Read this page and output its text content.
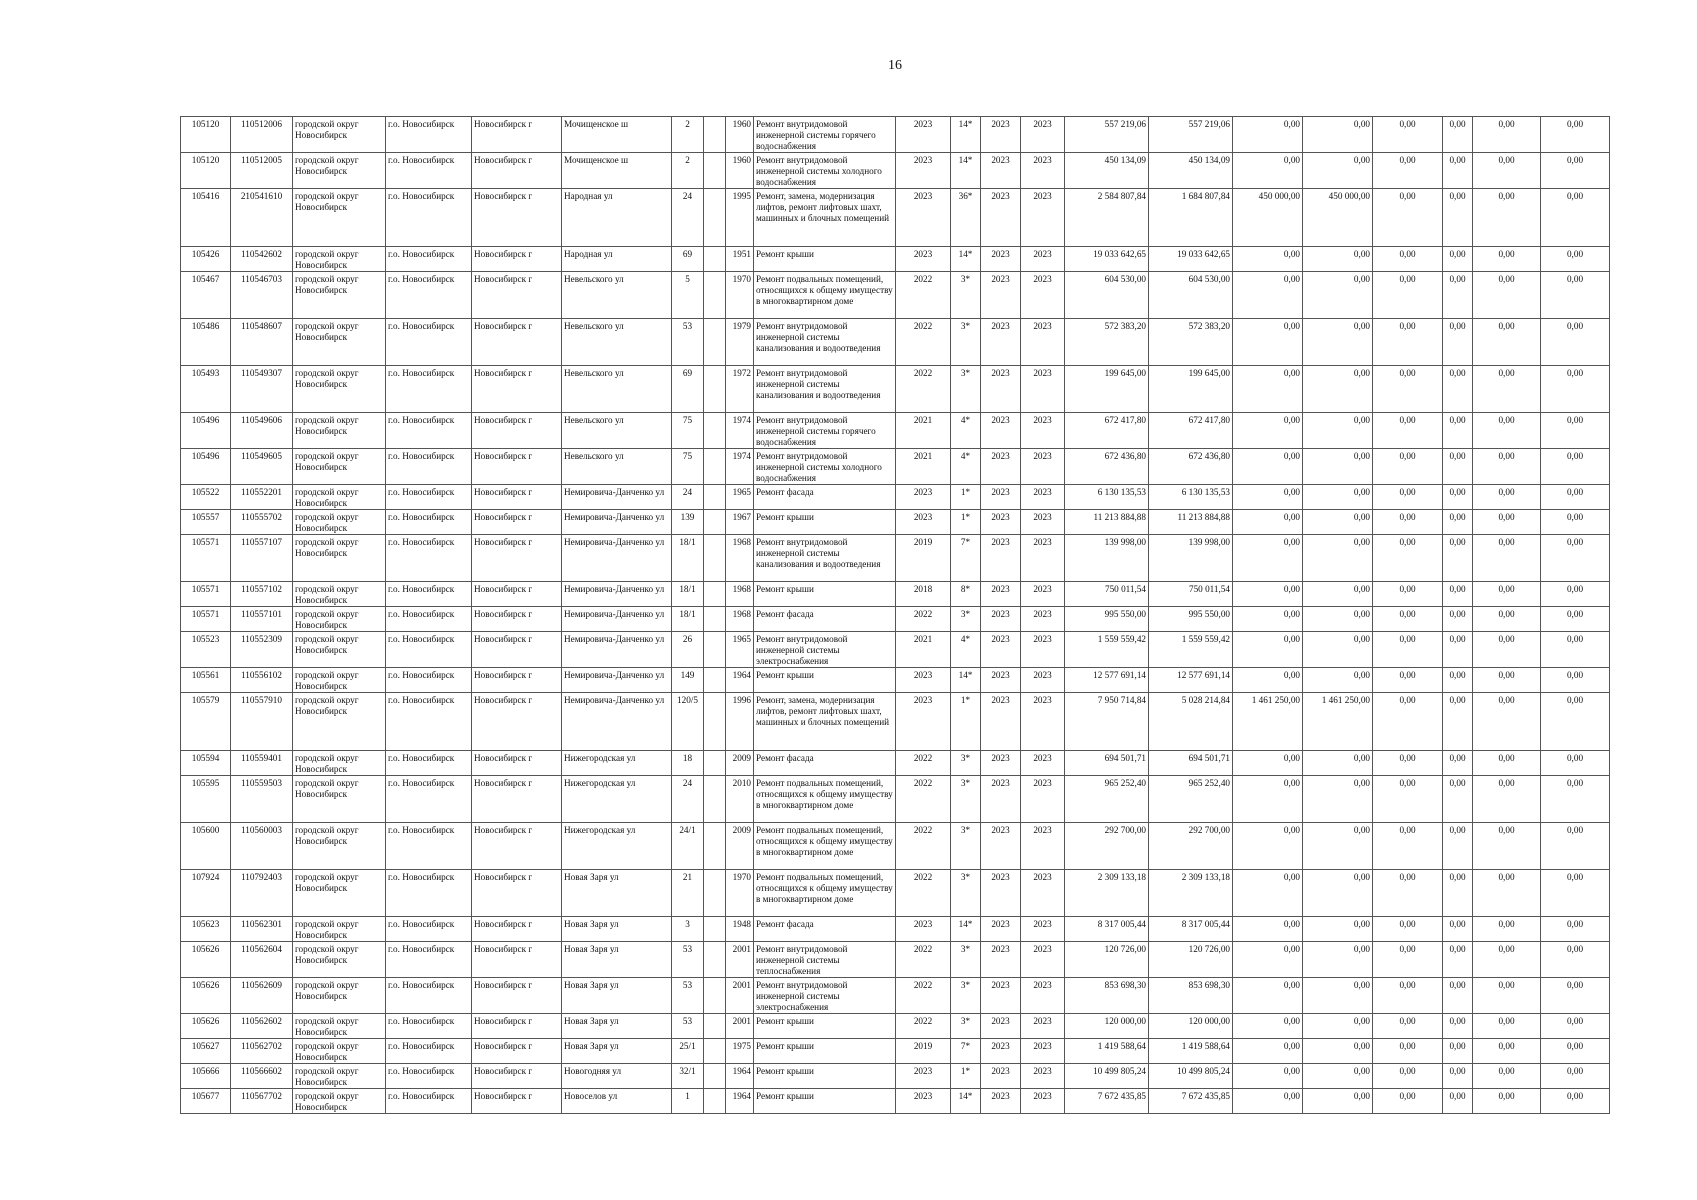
16
105120	110512006	городской округ Новосибирск	г.о. Новосибирск	Новосибирск г	Мочищенское ш	2		1960	Ремонт внутридомовой инженерной системы горячего водоснабжения	2023	14*	2023	2023	557 219,06	557 219,06	0,00	0,00	0,00	0,00	0,00	0,00
105120	110512005	городской округ Новосибирск	г.о. Новосибирск	Новосибирск г	Мочищенское ш	2		1960	Ремонт внутридомовой инженерной системы холодного водоснабжения	2023	14*	2023	2023	450 134,09	450 134,09	0,00	0,00	0,00	0,00	0,00	0,00
105416	210541610	городской округ Новосибирск	г.о. Новосибирск	Новосибирск г	Народная ул	24		1995	Ремонт, замена, модернизация лифтов, ремонт лифтовых шахт, машинных и блочных помещений	2023	36*	2023	2023	2 584 807,84	1 684 807,84	450 000,00	450 000,00	0,00	0,00	0,00	0,00
105426	110542602	городской округ Новосибирск	г.о. Новосибирск	Новосибирск г	Народная ул	69		1951	Ремонт крыши	2023	14*	2023	2023	19 033 642,65	19 033 642,65	0,00	0,00	0,00	0,00	0,00	0,00
105467	110546703	городской округ Новосибирск	г.о. Новосибирск	Новосибирск г	Невельского ул	5		1970	Ремонт подвальных помещений, относящихся к общему имуществу в многоквартирном доме	2022	3*	2023	2023	604 530,00	604 530,00	0,00	0,00	0,00	0,00	0,00	0,00
105486	110548607	городской округ Новосибирск	г.о. Новосибирск	Новосибирск г	Невельского ул	53		1979	Ремонт внутридомовой инженерной системы канализования и водоотведения	2022	3*	2023	2023	572 383,20	572 383,20	0,00	0,00	0,00	0,00	0,00	0,00
105493	110549307	городской округ Новосибирск	г.о. Новосибирск	Новосибирск г	Невельского ул	69		1972	Ремонт внутридомовой инженерной системы канализования и водоотведения	2022	3*	2023	2023	199 645,00	199 645,00	0,00	0,00	0,00	0,00	0,00	0,00
105496	110549606	городской округ Новосибирск	г.о. Новосибирск	Новосибирск г	Невельского ул	75		1974	Ремонт внутридомовой инженерной системы горячего водоснабжения	2021	4*	2023	2023	672 417,80	672 417,80	0,00	0,00	0,00	0,00	0,00	0,00
105496	110549605	городской округ Новосибирск	г.о. Новосибирск	Новосибирск г	Невельского ул	75		1974	Ремонт внутридомовой инженерной системы холодного водоснабжения	2021	4*	2023	2023	672 436,80	672 436,80	0,00	0,00	0,00	0,00	0,00	0,00
105522	110552201	городской округ Новосибирск	г.о. Новосибирск	Новосибирск г	Немировича-Данченко ул	24		1965	Ремонт фасада	2023	1*	2023	2023	6 130 135,53	6 130 135,53	0,00	0,00	0,00	0,00	0,00	0,00
105557	110555702	городской округ Новосибирск	г.о. Новосибирск	Новосибирск г	Немировича-Данченко ул	139		1967	Ремонт крыши	2023	1*	2023	2023	11 213 884,88	11 213 884,88	0,00	0,00	0,00	0,00	0,00	0,00
105571	110557107	городской округ Новосибирск	г.о. Новосибирск	Новосибирск г	Немировича-Данченко ул	18/1		1968	Ремонт внутридомовой инженерной системы канализования и водоотведения	2019	7*	2023	2023	139 998,00	139 998,00	0,00	0,00	0,00	0,00	0,00	0,00
105571	110557102	городской округ Новосибирск	г.о. Новосибирск	Новосибирск г	Немировича-Данченко ул	18/1		1968	Ремонт крыши	2018	8*	2023	2023	750 011,54	750 011,54	0,00	0,00	0,00	0,00	0,00	0,00
105571	110557101	городской округ Новосибирск	г.о. Новосибирск	Новосибирск г	Немировича-Данченко ул	18/1		1968	Ремонт фасада	2022	3*	2023	2023	995 550,00	995 550,00	0,00	0,00	0,00	0,00	0,00	0,00
105523	110552309	городской округ Новосибирск	г.о. Новосибирск	Новосибирск г	Немировича-Данченко ул	26		1965	Ремонт внутридомовой инженерной системы электроснабжения	2021	4*	2023	2023	1 559 559,42	1 559 559,42	0,00	0,00	0,00	0,00	0,00	0,00
105561	110556102	городской округ Новосибирск	г.о. Новосибирск	Новосибирск г	Немировича-Данченко ул	149		1964	Ремонт крыши	2023	14*	2023	2023	12 577 691,14	12 577 691,14	0,00	0,00	0,00	0,00	0,00	0,00
105579	110557910	городской округ Новосибирск	г.о. Новосибирск	Новосибирск г	Немировича-Данченко ул	120/5		1996	Ремонт, замена, модернизация лифтов, ремонт лифтовых шахт, машинных и блочных помещений	2023	1*	2023	2023	7 950 714,84	5 028 214,84	1 461 250,00	1 461 250,00	0,00	0,00	0,00	0,00
105594	110559401	городской округ Новосибирск	г.о. Новосибирск	Новосибирск г	Нижегородская ул	18		2009	Ремонт фасада	2022	3*	2023	2023	694 501,71	694 501,71	0,00	0,00	0,00	0,00	0,00	0,00
105595	110559503	городской округ Новосибирск	г.о. Новосибирск	Новосибирск г	Нижегородская ул	24		2010	Ремонт подвальных помещений, относящихся к общему имуществу в многоквартирном доме	2022	3*	2023	2023	965 252,40	965 252,40	0,00	0,00	0,00	0,00	0,00	0,00
105600	110560003	городской округ Новосибирск	г.о. Новосибирск	Новосибирск г	Нижегородская ул	24/1		2009	Ремонт подвальных помещений, относящихся к общему имуществу в многоквартирном доме	2022	3*	2023	2023	292 700,00	292 700,00	0,00	0,00	0,00	0,00	0,00	0,00
107924	110792403	городской округ Новосибирск	г.о. Новосибирск	Новосибирск г	Новая Заря ул	21		1970	Ремонт подвальных помещений, относящихся к общему имуществу в многоквартирном доме	2022	3*	2023	2023	2 309 133,18	2 309 133,18	0,00	0,00	0,00	0,00	0,00	0,00
105623	110562301	городской округ Новосибирск	г.о. Новосибирск	Новосибирск г	Новая Заря ул	3		1948	Ремонт фасада	2023	14*	2023	2023	8 317 005,44	8 317 005,44	0,00	0,00	0,00	0,00	0,00	0,00
105626	110562604	городской округ Новосибирск	г.о. Новосибирск	Новосибирск г	Новая Заря ул	53		2001	Ремонт внутридомовой инженерной системы теплоснабжения	2022	3*	2023	2023	120 726,00	120 726,00	0,00	0,00	0,00	0,00	0,00	0,00
105626	110562609	городской округ Новосибирск	г.о. Новосибирск	Новосибирск г	Новая Заря ул	53		2001	Ремонт внутридомовой инженерной системы электроснабжения	2022	3*	2023	2023	853 698,30	853 698,30	0,00	0,00	0,00	0,00	0,00	0,00
105626	110562602	городской округ Новосибирск	г.о. Новосибирск	Новосибирск г	Новая Заря ул	53		2001	Ремонт крыши	2022	3*	2023	2023	120 000,00	120 000,00	0,00	0,00	0,00	0,00	0,00	0,00
105627	110562702	городской округ Новосибирск	г.о. Новосибирск	Новосибирск г	Новая Заря ул	25/1		1975	Ремонт крыши	2019	7*	2023	2023	1 419 588,64	1 419 588,64	0,00	0,00	0,00	0,00	0,00	0,00
105666	110566602	городской округ Новосибирск	г.о. Новосибирск	Новосибирск г	Новогодняя ул	32/1		1964	Ремонт крыши	2023	1*	2023	2023	10 499 805,24	10 499 805,24	0,00	0,00	0,00	0,00	0,00	0,00
105677	110567702	городской округ Новосибирск	г.о. Новосибирск	Новосибирск г	Новоселов ул	1		1964	Ремонт крыши	2023	14*	2023	2023	7 672 435,85	7 672 435,85	0,00	0,00	0,00	0,00	0,00	0,00
